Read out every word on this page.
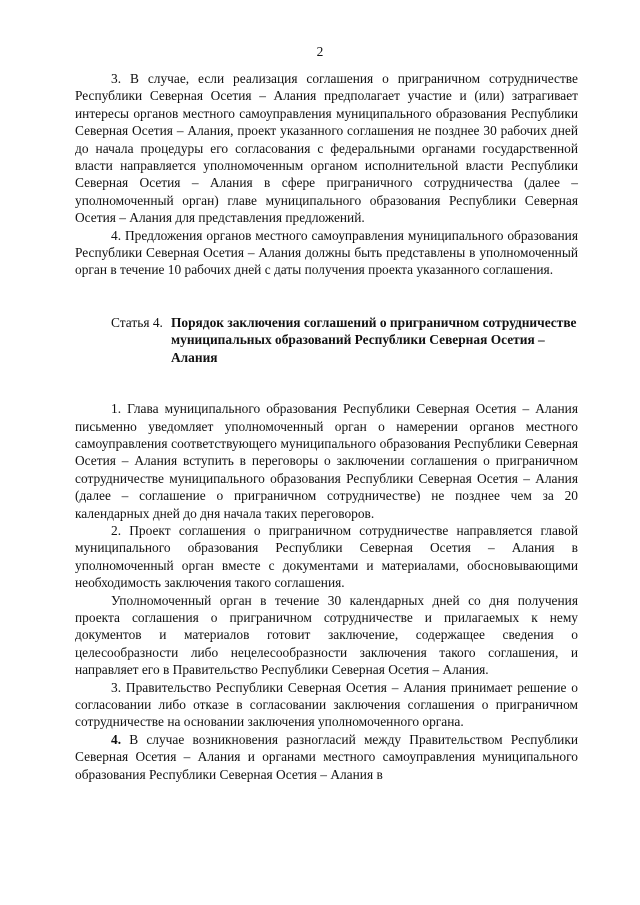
2

3. В случае, если реализация соглашения о приграничном сотрудничестве Республики Северная Осетия – Алания предполагает участие и (или) затрагивает интересы органов местного самоуправления муниципального образования Республики Северная Осетия – Алания, проект указанного соглашения не позднее 30 рабочих дней до начала процедуры его согласования с федеральными органами государственной власти направляется уполномоченным органом исполнительной власти Республики Северная Осетия – Алания в сфере приграничного сотрудничества (далее – уполномоченный орган) главе муниципального образования Республики Северная Осетия – Алания для представления предложений.

4. Предложения органов местного самоуправления муниципального образования Республики Северная Осетия – Алания должны быть представлены в уполномоченный орган в течение 10 рабочих дней с даты получения проекта указанного соглашения.

Статья 4. Порядок заключения соглашений о приграничном сотрудничестве муниципальных образований Республики Северная Осетия – Алания

1. Глава муниципального образования Республики Северная Осетия – Алания письменно уведомляет уполномоченный орган о намерении органов местного самоуправления соответствующего муниципального образования Республики Северная Осетия – Алания вступить в переговоры о заключении соглашения о приграничном сотрудничестве муниципального образования Республики Северная Осетия – Алания (далее – соглашение о приграничном сотрудничестве) не позднее чем за 20 календарных дней до дня начала таких переговоров.

2. Проект соглашения о приграничном сотрудничестве направляется главой муниципального образования Республики Северная Осетия – Алания в уполномоченный орган вместе с документами и материалами, обосновывающими необходимость заключения такого соглашения.

Уполномоченный орган в течение 30 календарных дней со дня получения проекта соглашения о приграничном сотрудничестве и прилагаемых к нему документов и материалов готовит заключение, содержащее сведения о целесообразности либо нецелесообразности заключения такого соглашения, и направляет его в Правительство Республики Северная Осетия – Алания.

3. Правительство Республики Северная Осетия – Алания принимает решение о согласовании либо отказе в согласовании заключения соглашения о приграничном сотрудничестве на основании заключения уполномоченного органа.

4. В случае возникновения разногласий между Правительством Республики Северная Осетия – Алания и органами местного самоуправления муниципального образования Республики Северная Осетия – Алания в
